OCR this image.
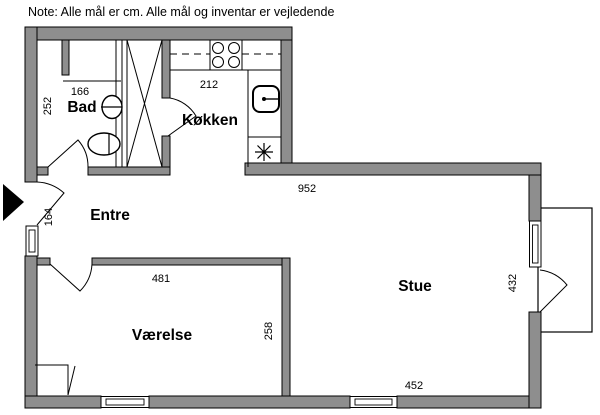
Note: Alle mål er cm. Alle mål og inventar er vejledende
Bad
Køkken
Entre
Værelse
Stue
166
252
212
164
952
432
452
481
258
